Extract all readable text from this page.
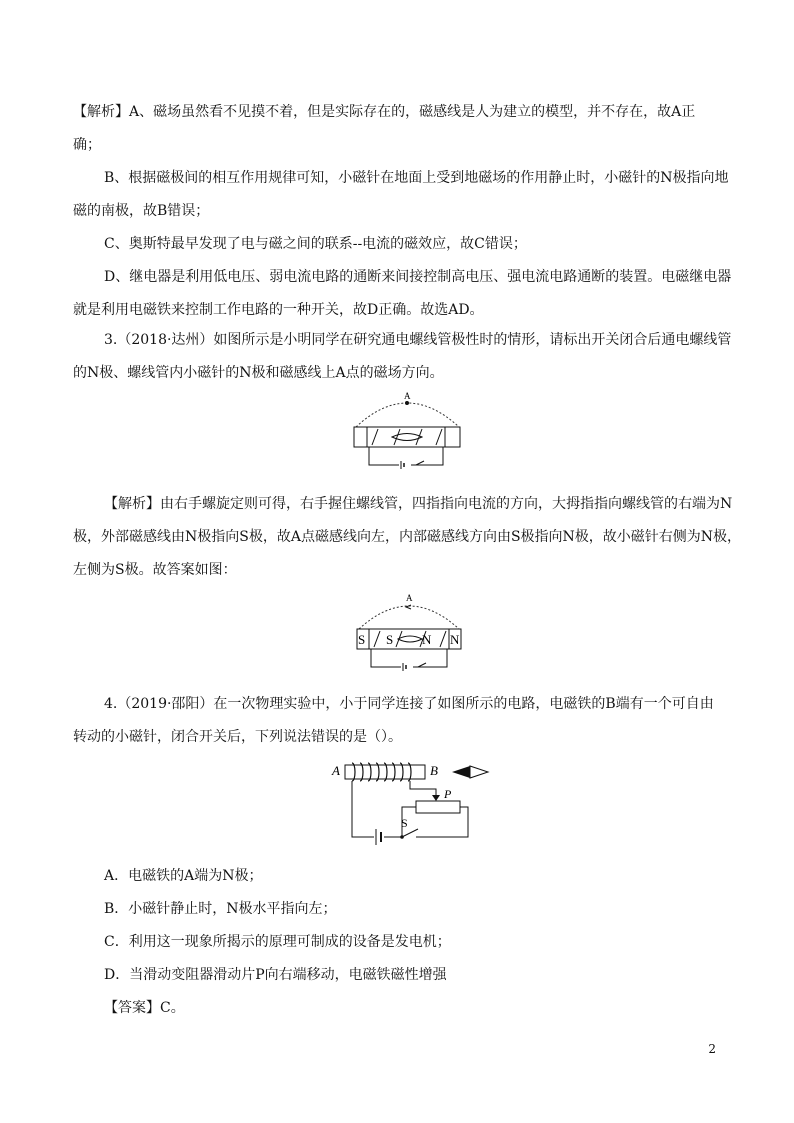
【解析】A、磁场虽然看不见摸不着，但是实际存在的，磁感线是人为建立的模型，并不存在，故A正
确；
B、根据磁极间的相互作用规律可知，小磁针在地面上受到地磁场的作用静止时，小磁针的N极指向地
磁的南极，故B错误；
C、奥斯特最早发现了电与磁之间的联系--电流的磁效应，故C错误；
D、继电器是利用低电压、弱电流电路的通断来间接控制高电压、强电流电路通断的装置。电磁继电器
就是利用电磁铁来控制工作电路的一种开关，故D正确。故选AD。
3.（2018·达州）如图所示是小明同学在研究通电螺线管极性时的情形，请标出开关闭合后通电螺线管
的N极、螺线管内小磁针的N极和磁感线上A点的磁场方向。
A
【解析】由右手螺旋定则可得，右手握住螺线管，四指指向电流的方向，大拇指指向螺线管的右端为N
极，外部磁感线由N极指向S极，故A点磁感线向左，内部磁感线方向由S极指向N极，故小磁针右侧为N极，
左侧为S极。故答案如图：
A
S S N N
4.（2019·邵阳）在一次物理实验中，小于同学连接了如图所示的电路，电磁铁的B端有一个可自由
转动的小磁针，闭合开关后，下列说法错误的是（）。
A	B
P
S
A．电磁铁的A端为N极；
B．小磁针静止时，N极水平指向左；
C．利用这一现象所揭示的原理可制成的设备是发电机；
D．当滑动变阻器滑动片P向右端移动，电磁铁磁性增强
【答案】C。
2
